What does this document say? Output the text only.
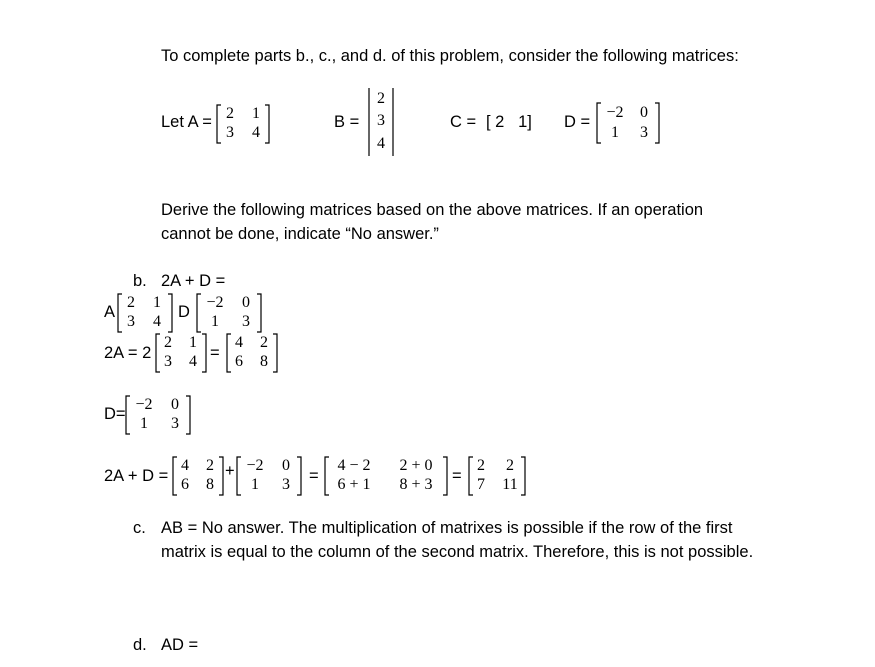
To complete parts b., c., and d. of this problem, consider the following matrices:
Let A = 2	1
3	4
B =
2
3
4
C = [ 2   1] D =
−2	0
1	3
Derive the following matrices based on the above matrices. If an operation
cannot be done, indicate “No answer.”
b. 2A + D =
A
2	1
3	4
D
−2	0
1	3
2A = 2
2	1
3	4 =
4	2
6	8
D=
−2	0
1	3
2A + D =
4	2
6	8
+ −2	0
1	3	=
4 − 2	2 + 0
6 + 1	8 + 3	=
2	2
7	11
c. AB = No answer. The multiplication of matrixes is possible if the row of the first
matrix is equal to the column of the second matrix. Therefore, this is not possible.
d. AD =
